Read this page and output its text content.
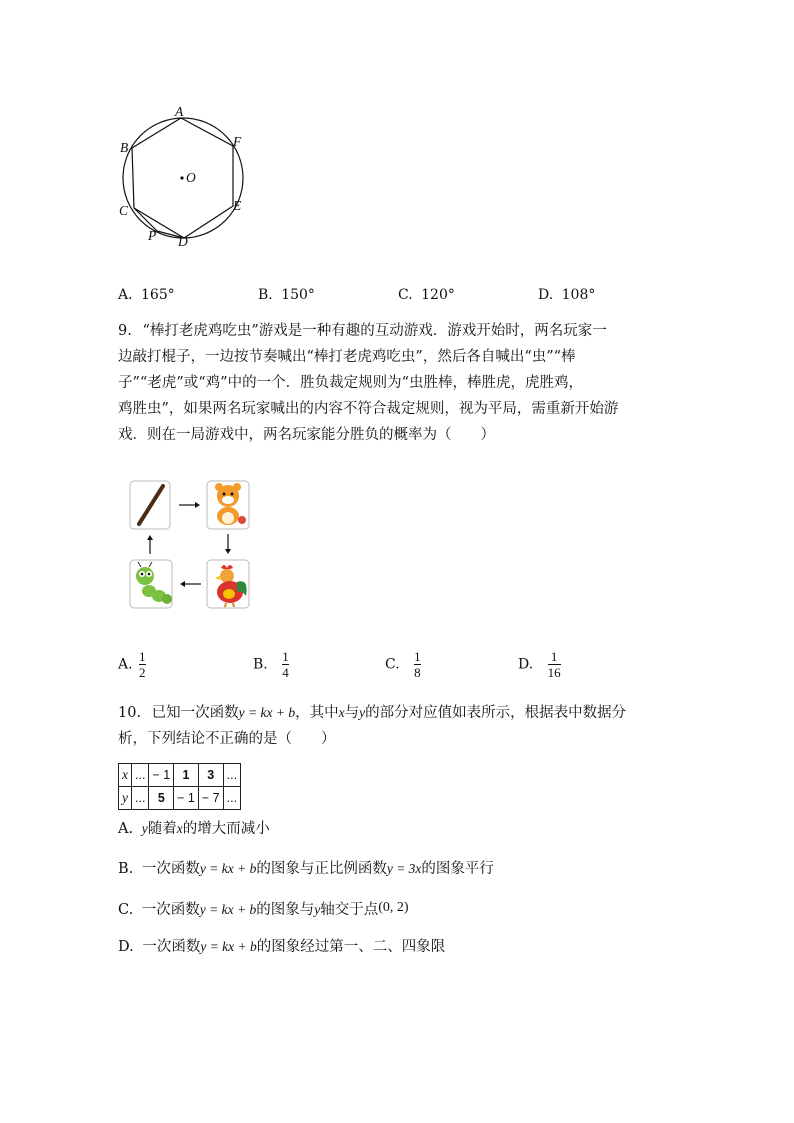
A
B
C
D
E
F
O
P
A. 165°	B. 150°	C. 120°	D. 108°
9. “棒打老虎鸡吃虫”游戏是一种有趣的互动游戏．游戏开始时，两名玩家一
边敲打棍子，一边按节奏喊出“棒打老虎鸡吃虫”，然后各自喊出“虫”“棒
子”“老虎”或“鸡”中的一个．胜负裁定规则为“虫胜棒，棒胜虎，虎胜鸡，
鸡胜虫”，如果两名玩家喊出的内容不符合裁定规则，视为平局，需重新开始游
戏．则在一局游戏中，两名玩家能分胜负的概率为（　　）
A. $\frac{1}{2}$	B. $\frac{1}{4}$	C. $\frac{1}{8}$	D. $\frac{1}{16}$
10. 已知一次函数y = kx + b，其中x与y的部分对应值如表所示，根据表中数据分
析，下列结论不正确的是（　　）
x	...	− 1	1	3	...
y	...	5	− 1	− 7	...
A. y随着x的增大而减小
B. 一次函数y = kx + b的图象与正比例函数y = 3x的图象平行
C. 一次函数y = kx + b的图象与y轴交于点(0, 2)
D. 一次函数y = kx + b的图象经过第一、二、四象限
